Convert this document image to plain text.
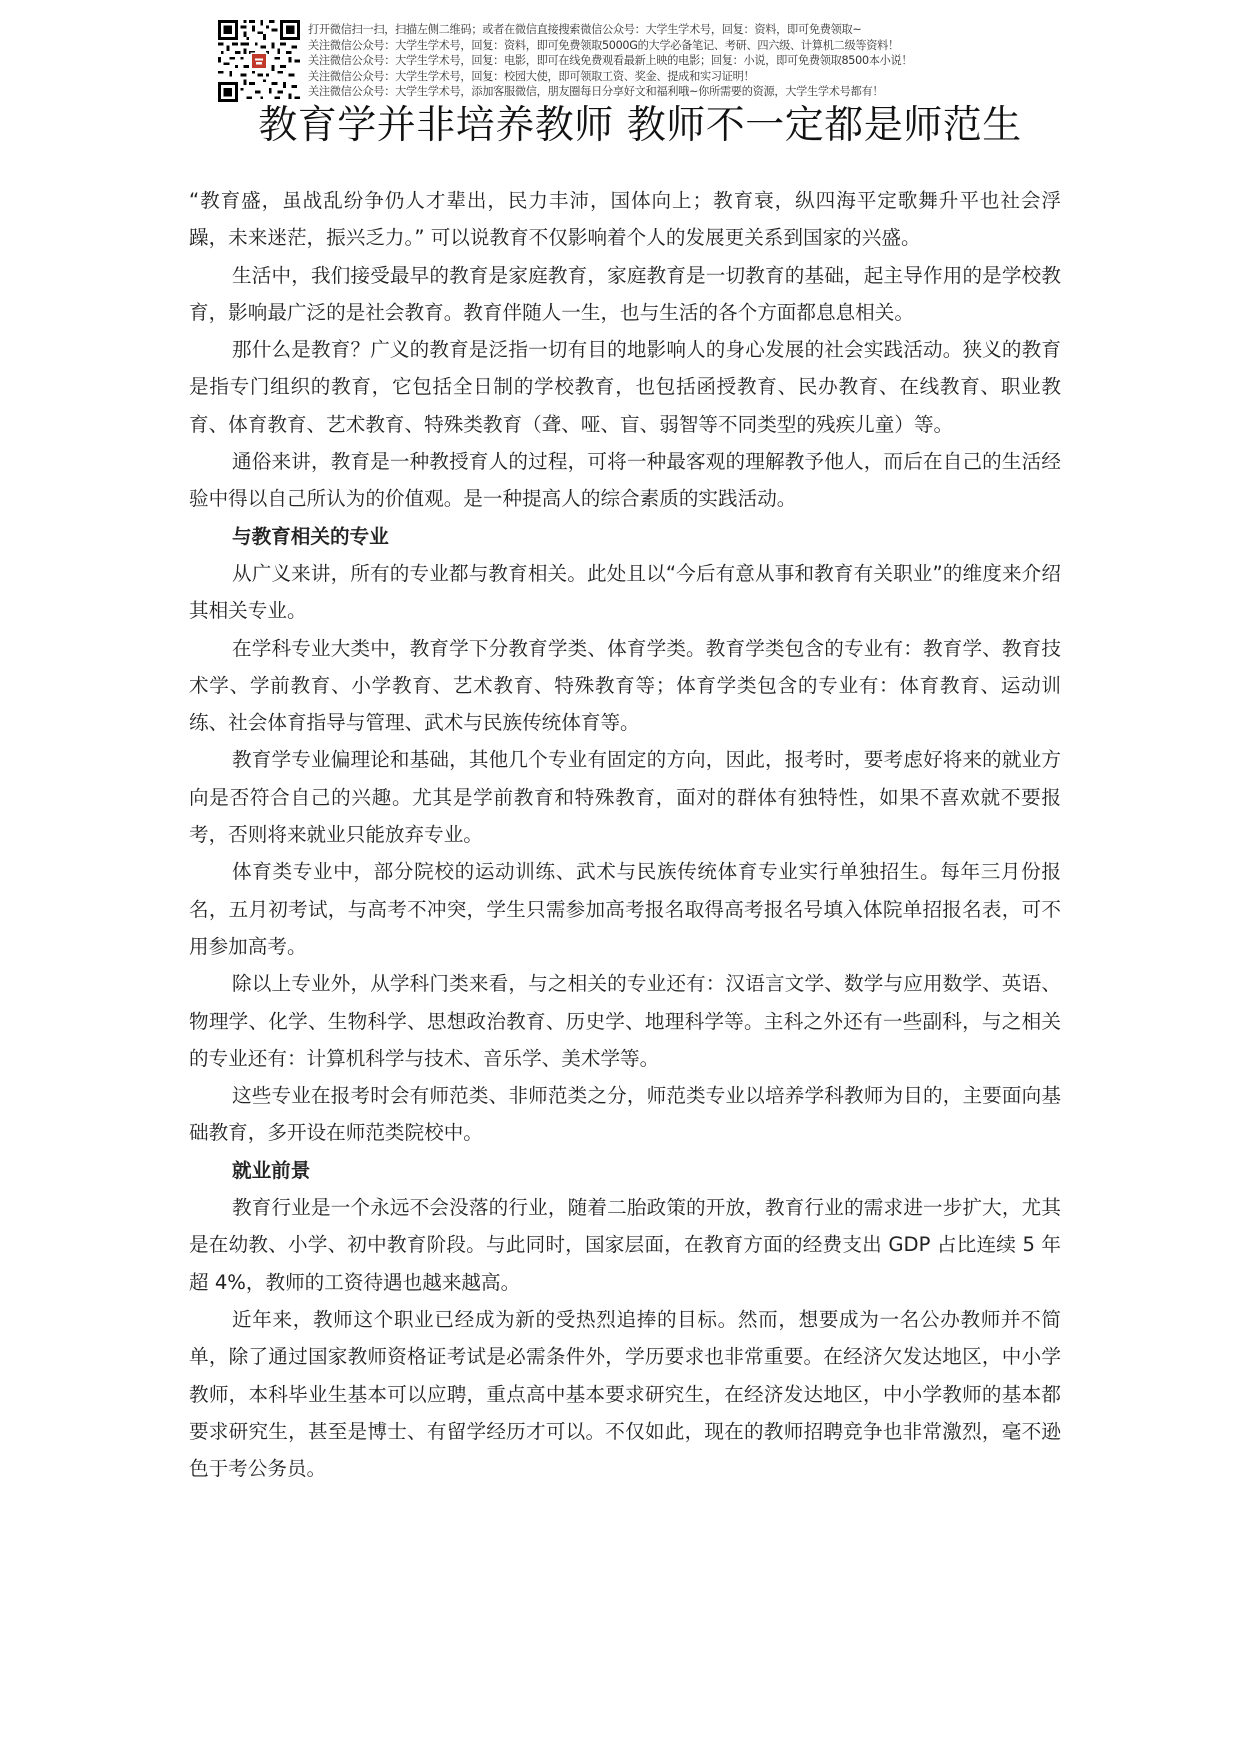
打开微信扫一扫，扫描左侧二维码；或者在微信直接搜索微信公众号：大学生学术号，回复：资料，即可免费领取~
关注微信公众号：大学生学术号，回复：资料，即可免费领取5000G的大学必备笔记、考研、四六级、计算机二级等资料！
关注微信公众号：大学生学术号，回复：电影，即可在线免费观看最新上映的电影；回复：小说，即可免费领取8500本小说！
关注微信公众号：大学生学术号，回复：校园大使，即可领取工资、奖金、提成和实习证明！
关注微信公众号：大学生学术号，添加客服微信，朋友圈每日分享好文和福利哦~你所需要的资源，大学生学术号都有！
教育学并非培养教师 教师不一定都是师范生

“教育盛，虽战乱纷争仍人才辈出，民力丰沛，国体向上；教育衰，纵四海平定歌舞升平也社会浮躁，未来迷茫，振兴乏力。” 可以说教育不仅影响着个人的发展更关系到国家的兴盛。

生活中，我们接受最早的教育是家庭教育，家庭教育是一切教育的基础，起主导作用的是学校教育，影响最广泛的是社会教育。教育伴随人一生，也与生活的各个方面都息息相关。

那什么是教育？广义的教育是泛指一切有目的地影响人的身心发展的社会实践活动。狭义的教育是指专门组织的教育，它包括全日制的学校教育，也包括函授教育、民办教育、在线教育、职业教育、体育教育、艺术教育、特殊类教育（聋、哑、盲、弱智等不同类型的残疾儿童）等。

通俗来讲，教育是一种教授育人的过程，可将一种最客观的理解教予他人，而后在自己的生活经验中得以自己所认为的价值观。是一种提高人的综合素质的实践活动。

与教育相关的专业

从广义来讲，所有的专业都与教育相关。此处且以“今后有意从事和教育有关职业”的维度来介绍其相关专业。

在学科专业大类中，教育学下分教育学类、体育学类。教育学类包含的专业有：教育学、教育技术学、学前教育、小学教育、艺术教育、特殊教育等；体育学类包含的专业有：体育教育、运动训练、社会体育指导与管理、武术与民族传统体育等。

教育学专业偏理论和基础，其他几个专业有固定的方向，因此，报考时，要考虑好将来的就业方向是否符合自己的兴趣。尤其是学前教育和特殊教育，面对的群体有独特性，如果不喜欢就不要报考，否则将来就业只能放弃专业。

体育类专业中，部分院校的运动训练、武术与民族传统体育专业实行单独招生。每年三月份报名，五月初考试，与高考不冲突，学生只需参加高考报名取得高考报名号填入体院单招报名表，可不用参加高考。

除以上专业外，从学科门类来看，与之相关的专业还有：汉语言文学、数学与应用数学、英语、物理学、化学、生物科学、思想政治教育、历史学、地理科学等。主科之外还有一些副科，与之相关的专业还有：计算机科学与技术、音乐学、美术学等。

这些专业在报考时会有师范类、非师范类之分，师范类专业以培养学科教师为目的，主要面向基础教育，多开设在师范类院校中。

就业前景

教育行业是一个永远不会没落的行业，随着二胎政策的开放，教育行业的需求进一步扩大，尤其是在幼教、小学、初中教育阶段。与此同时，国家层面，在教育方面的经费支出 GDP 占比连续 5 年超 4%，教师的工资待遇也越来越高。

近年来，教师这个职业已经成为新的受热烈追捧的目标。然而，想要成为一名公办教师并不简单，除了通过国家教师资格证考试是必需条件外，学历要求也非常重要。在经济欠发达地区，中小学教师，本科毕业生基本可以应聘，重点高中基本要求研究生，在经济发达地区，中小学教师的基本都要求研究生，甚至是博士、有留学经历才可以。不仅如此，现在的教师招聘竞争也非常激烈，毫不逊色于考公务员。
